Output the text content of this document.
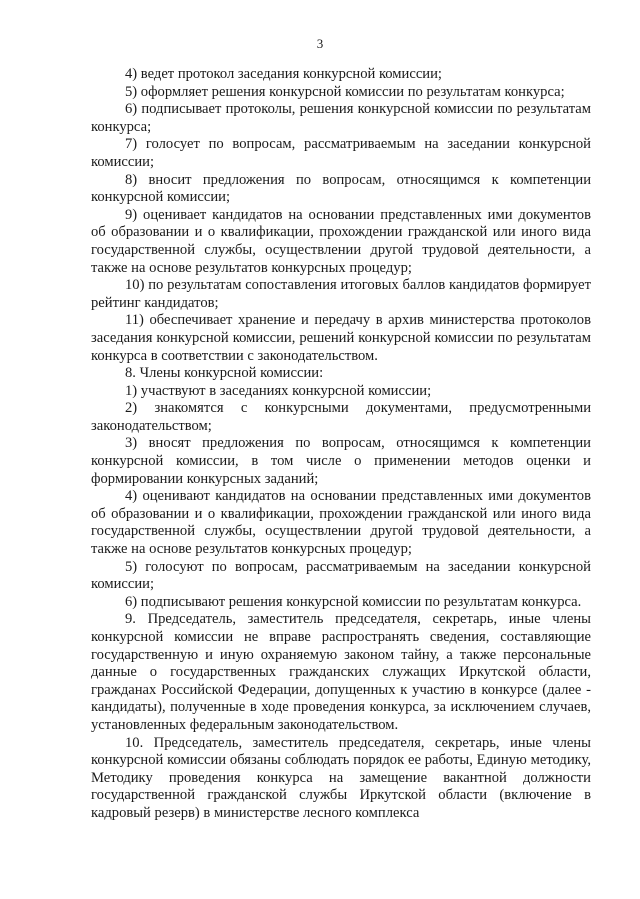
3

4) ведет протокол заседания конкурсной комиссии;

5) оформляет решения конкурсной комиссии по результатам конкурса;

6) подписывает протоколы, решения конкурсной комиссии по результатам конкурса;

7) голосует по вопросам, рассматриваемым на заседании конкурсной комиссии;

8) вносит предложения по вопросам, относящимся к компетенции конкурсной комиссии;

9) оценивает кандидатов на основании представленных ими документов об образовании и о квалификации, прохождении гражданской или иного вида государственной службы, осуществлении другой трудовой деятельности, а также на основе результатов конкурсных процедур;

10) по результатам сопоставления итоговых баллов кандидатов формирует рейтинг кандидатов;

11) обеспечивает хранение и передачу в архив министерства протоколов заседания конкурсной комиссии, решений конкурсной комиссии по результатам конкурса в соответствии с законодательством.

8. Члены конкурсной комиссии:

1) участвуют в заседаниях конкурсной комиссии;

2) знакомятся с конкурсными документами, предусмотренными законодательством;

3) вносят предложения по вопросам, относящимся к компетенции конкурсной комиссии, в том числе о применении методов оценки и формировании конкурсных заданий;

4) оценивают кандидатов на основании представленных ими документов об образовании и о квалификации, прохождении гражданской или иного вида государственной службы, осуществлении другой трудовой деятельности, а также на основе результатов конкурсных процедур;

5) голосуют по вопросам, рассматриваемым на заседании конкурсной комиссии;

6) подписывают решения конкурсной комиссии по результатам конкурса.

9. Председатель, заместитель председателя, секретарь, иные члены конкурсной комиссии не вправе распространять сведения, составляющие государственную и иную охраняемую законом тайну, а также персональные данные о государственных гражданских служащих Иркутской области, гражданах Российской Федерации, допущенных к участию в конкурсе (далее - кандидаты), полученные в ходе проведения конкурса, за исключением случаев, установленных федеральным законодательством.

10. Председатель, заместитель председателя, секретарь, иные члены конкурсной комиссии обязаны соблюдать порядок ее работы, Единую методику, Методику проведения конкурса на замещение вакантной должности государственной гражданской службы Иркутской области (включение в кадровый резерв) в министерстве лесного комплекса
